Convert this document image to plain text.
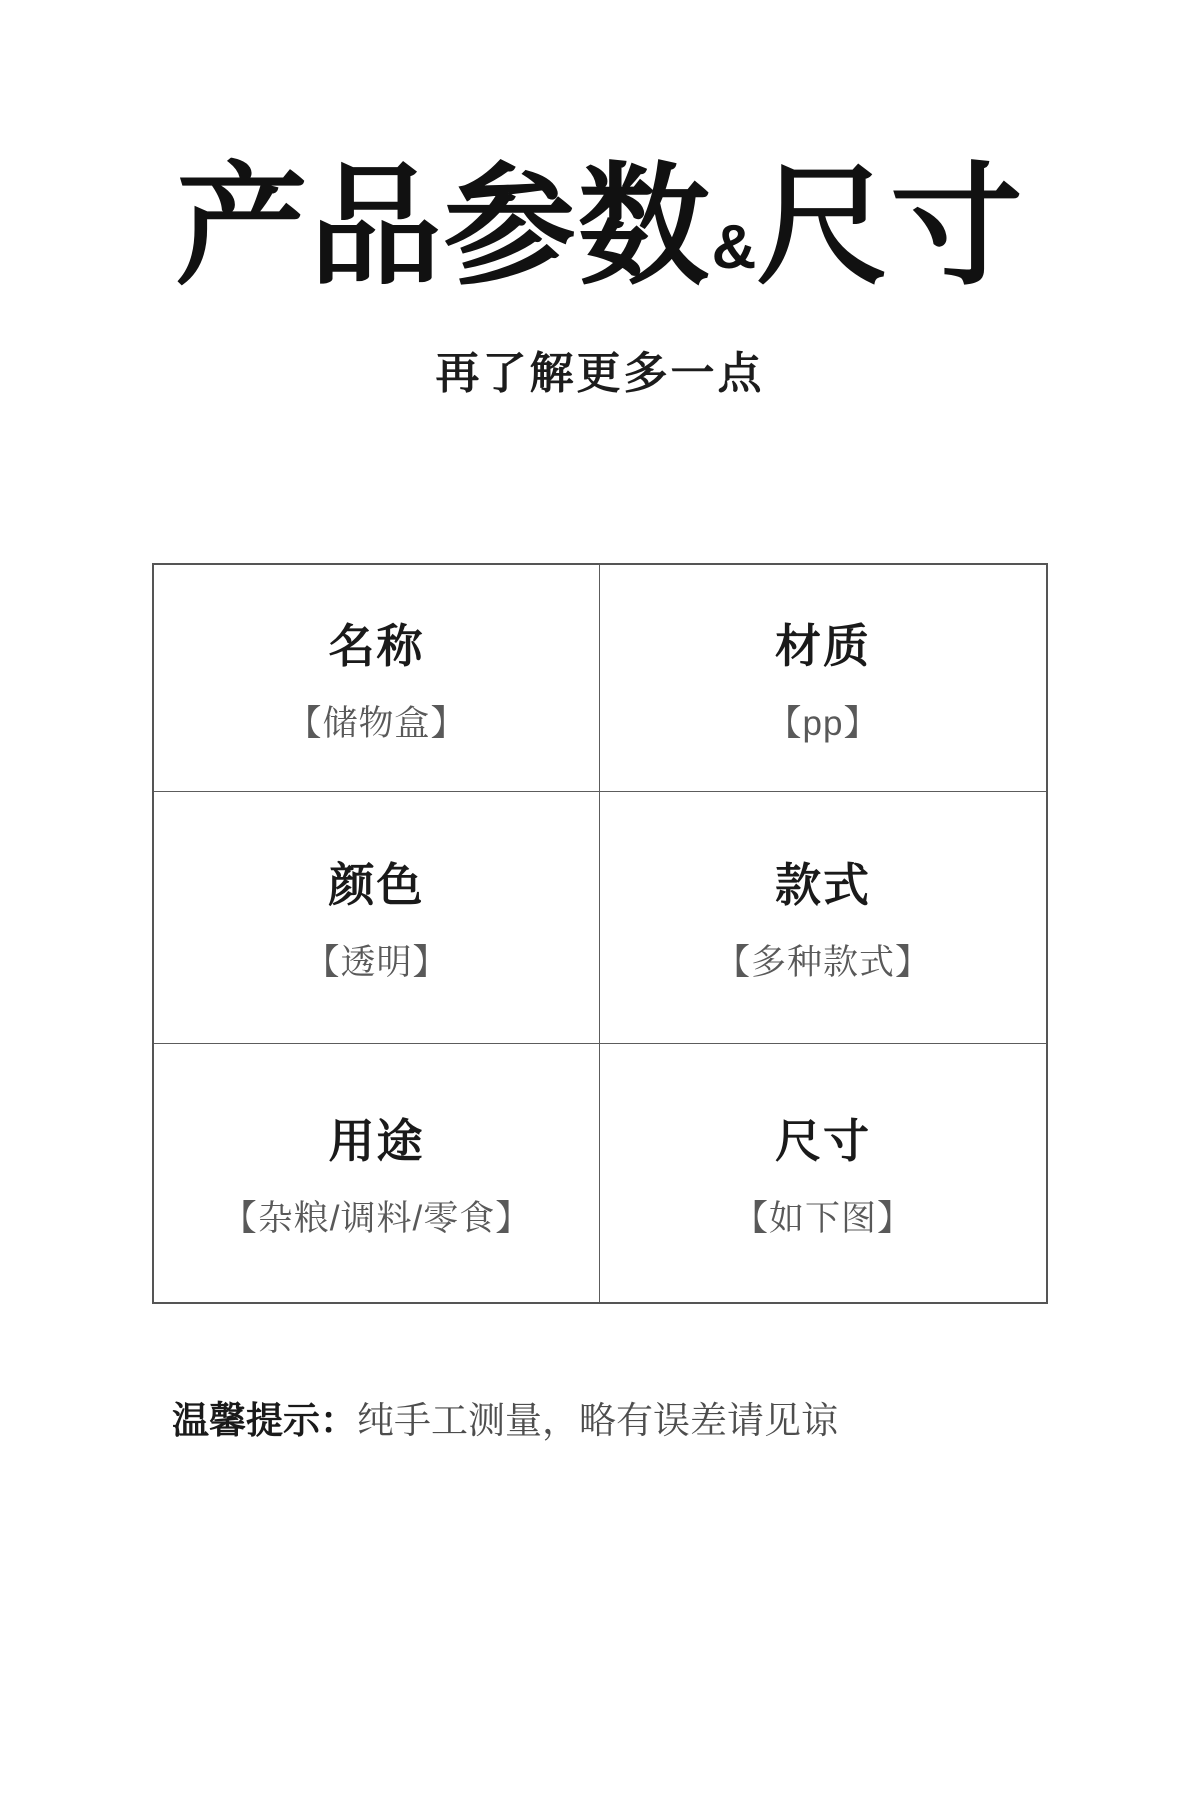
产品参数&尺寸
再了解更多一点
名称
【储物盒】
材质
【pp】
颜色
【透明】
款式
【多种款式】
用途
【杂粮/调料/零食】
尺寸
【如下图】
温馨提示：纯手工测量，略有误差请见谅
